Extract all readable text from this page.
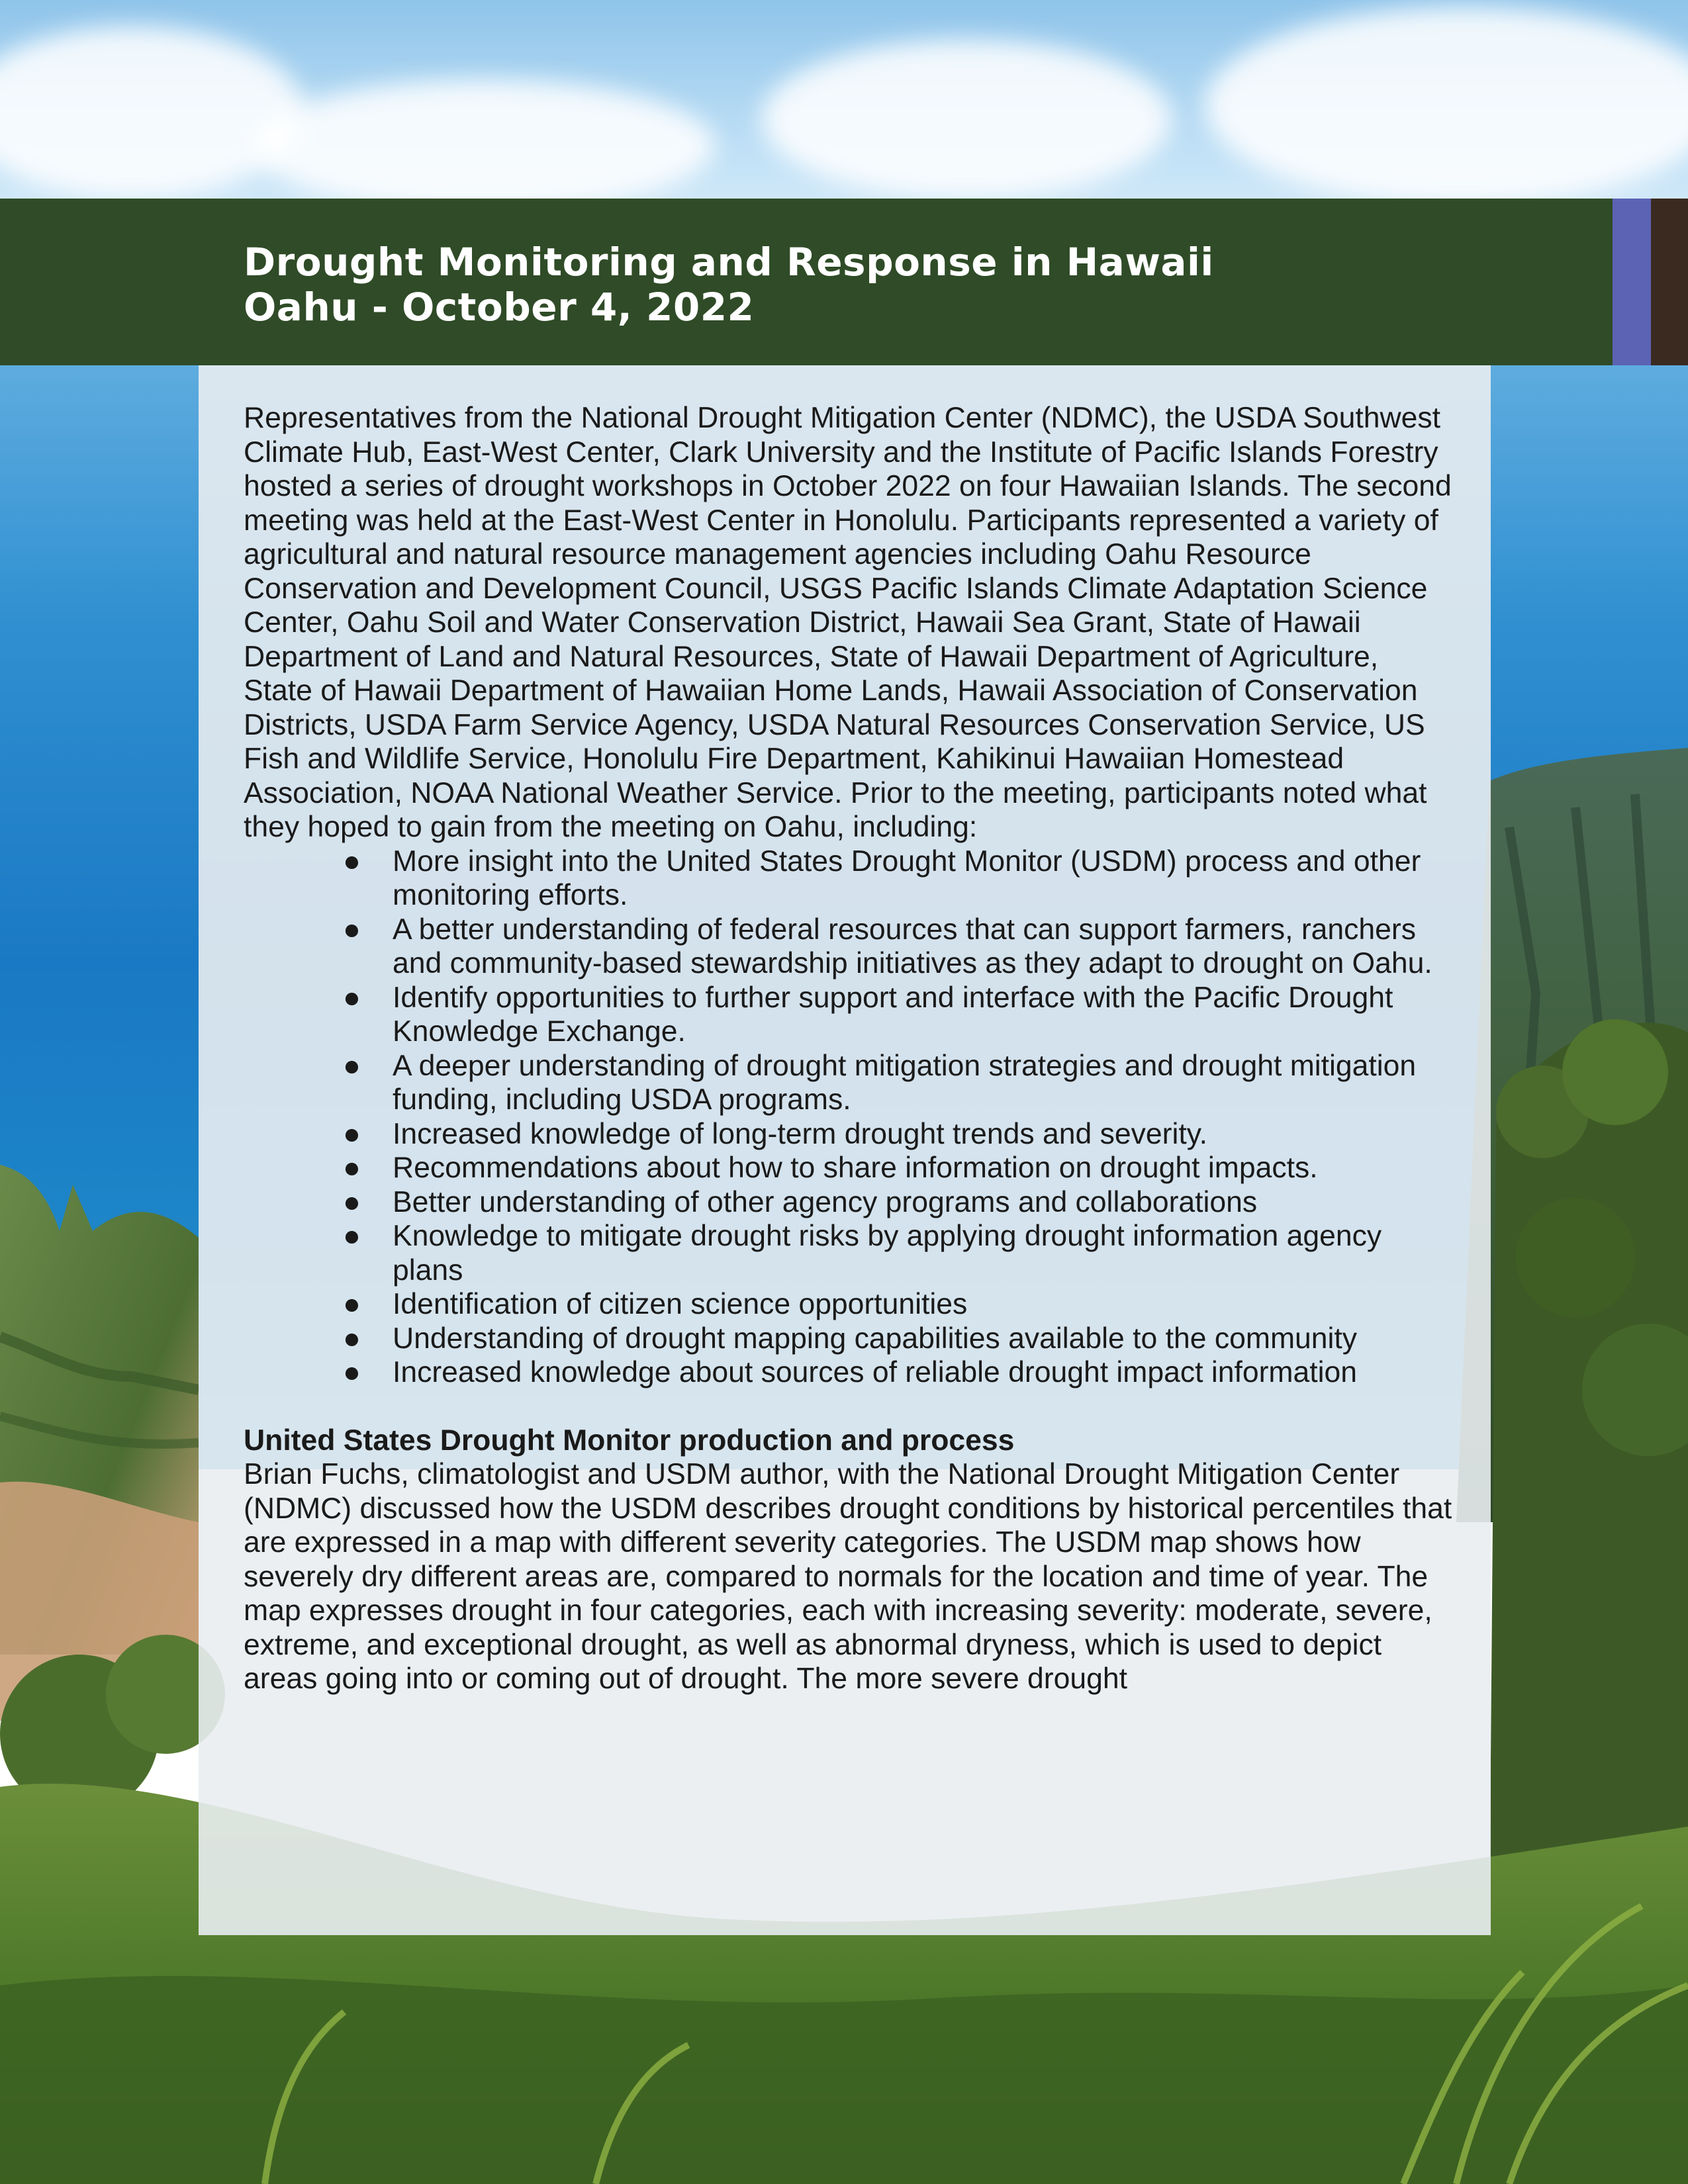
Drought Monitoring and Response in Hawaii
Oahu - October 4, 2022

Representatives from the National Drought Mitigation Center (NDMC), the USDA Southwest Climate Hub, East-West Center, Clark University and the Institute of Pacific Islands Forestry hosted a series of drought workshops in October 2022 on four Hawaiian Islands. The second meeting was held at the East-West Center in Honolulu. Participants represented a variety of agricultural and natural resource management agencies including Oahu Resource Conservation and Development Council, USGS Pacific Islands Climate Adaptation Science Center, Oahu Soil and Water Conservation District, Hawaii Sea Grant, State of Hawaii Department of Land and Natural Resources, State of Hawaii Department of Agriculture, State of Hawaii Department of Hawaiian Home Lands, Hawaii Association of Conservation Districts, USDA Farm Service Agency, USDA Natural Resources Conservation Service, US Fish and Wildlife Service, Honolulu Fire Department, Kahikinui Hawaiian Homestead Association, NOAA National Weather Service. Prior to the meeting, participants noted what they hoped to gain from the meeting on Oahu, including:

● More insight into the United States Drought Monitor (USDM) process and other monitoring efforts.
● A better understanding of federal resources that can support farmers, ranchers and community-based stewardship initiatives as they adapt to drought on Oahu.
● Identify opportunities to further support and interface with the Pacific Drought Knowledge Exchange.
● A deeper understanding of drought mitigation strategies and drought mitigation funding, including USDA programs.
● Increased knowledge of long-term drought trends and severity.
● Recommendations about how to share information on drought impacts.
● Better understanding of other agency programs and collaborations
● Knowledge to mitigate drought risks by applying drought information agency plans
● Identification of citizen science opportunities
● Understanding of drought mapping capabilities available to the community
● Increased knowledge about sources of reliable drought impact information

United States Drought Monitor production and process

Brian Fuchs, climatologist and USDM author, with the National Drought Mitigation Center (NDMC) discussed how the USDM describes drought conditions by historical percentiles that are expressed in a map with different severity categories. The USDM map shows how severely dry different areas are, compared to normals for the location and time of year. The map expresses drought in four categories, each with increasing severity: moderate, severe, extreme, and exceptional drought, as well as abnormal dryness, which is used to depict areas going into or coming out of drought. The more severe drought
